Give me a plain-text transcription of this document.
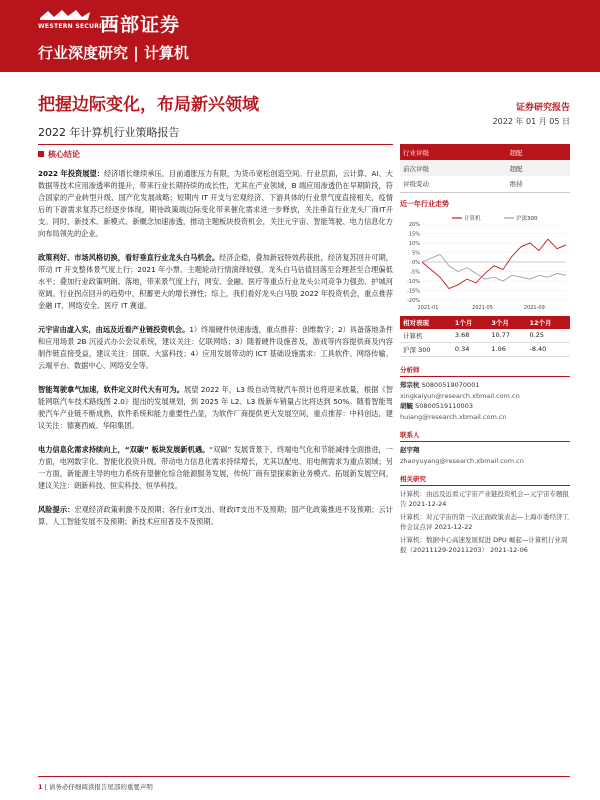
WESTERN SECURITIES
西部证券
行业深度研究 | 计算机
把握边际变化，布局新兴领域	证券研究报告
2022 年 01 月 05 日
2022 年计算机行业策略报告
核心结论

2022 年投资展望：经济增长继续承压，目前通胀压力有限，为货币宽松创造空间。行业层面，云计算、AI、大数据等技术应用渗透率的提升，带来行业长期持续的成长性，尤其在产业领域，B 端应用渗透仍在早期阶段，符合国家的产业转型升级、国产化发展战略；短期内 IT 开支与宏观经济、下游具体的行业景气度直接相关，疫情后的下游需求复苏已经逐步体现，期待政策端边际变化带来催化需求进一步释放，关注垂直行业龙头厂商IT开支。同时，新技术、新模式、新概念加速渗透，推动主题板块投资机会，关注元宇宙、智能驾驶、电力信息化方向布局领先的企业。

政策利好、市场风格切换，看好垂直行业龙头白马机会。经济企稳，叠加新冠特效药获批，经济复苏回升可期，带动 IT 开支整体景气度上行；2021 年小票、主题轮动行情演绎较强，龙头白马估值回落至合理甚至合理偏低水平；叠加行业政策明朗、落地，带来景气度上行，网安、金融、医疗等重点行业龙头公司竞争力强劲、护城河宽阔。行业拐点回升的趋势中，积蓄更大的增长弹性；综上，我们看好龙头白马股 2022 年投资机会，重点推荐金融 IT、网络安全、医疗 IT 赛道。

元宇宙由虚入实，由远及近看产业链投资机会。1）终端硬件快速渗透，重点推荐：创维数字；2）具备落地条件和应用场景 2B 沉浸式办公会议系统，建议关注：亿联网络；3）随着硬件设施普及，游戏等内容提供商及内容制作链直接受益，建议关注：国联、大富科技；4）应用发展带动的 ICT 基础设施需求：工具软件、网络传输、云端平台、数据中心、网络安全等。

智能驾驶拿气加速，软件定义时代大有可为。展望 2022 年，L3 级自动驾驶汽车预计也将迎来放量，根据《智能网联汽车技术路线图 2.0》提出的发展规划，到 2025 年 L2、L3 级新车销量占比将达到 50%。随着智能驾驶汽车产业链不断成熟，软件系统和能力重要性凸显，为软件厂商提供更大发展空间，重点推荐：中科创达，建议关注：德赛西威、华阳集团。

电力信息化需求持续向上，“双碳” 板块发展新机遇。“双碳” 发展背景下，终端电气化和节能减排全面推进，一方面，电网数字化、智能化投资升级，带动电力信息化需求持续增长，尤其以配电、用电侧需求为重点领域；另一方面，新能源主导的电力系统有望催化综合能源服务发展，传统厂商有望探索新业务模式、拓展新发展空间，建议关注：朗新科技、恒实科技、恒华科技。

风险提示：宏观经济政策刺激不及预期；各行业IT支出、财政IT支出不及预期；国产化政策推进不及预期；云计算、人工智能发展不及预期；新技术应用普及不及预期。

行业评级	超配
前次评级	超配
评级变动	维持
近一年行业走势
20%
15%
10%
5%
0%
-5%
-10%
-15%
-20%
2021-01	2021-05	2021-09
计算机	沪深300
相对表现	1个月	3个月	12个月
计算机	3.68	10.77	0.25
沪深 300	0.34	1.06	-8.40
分析师
郑宗杭 S0800519070001
xingkaiyun@research.xbmail.com.cn
胡毓 S0800519110003
huiang@research.xbmail.com.cn
联系人
赵宇翔
zhaoyuyang@research.xbmail.com.cn
相关研究
计算机：由远及近看元宇宙产业链投资机会—元宇宙专题报告 2021-12-24
计算机：对元宇宙的第一次正面政策表态—上海市委经济工作会议点评 2021-12-22
计算机：数据中心高速发展促进 DPU 崛起—计算机行业周报（20211129-20211203） 2021-12-06
1 | 请务必仔细阅读报告尾部的重要声明
